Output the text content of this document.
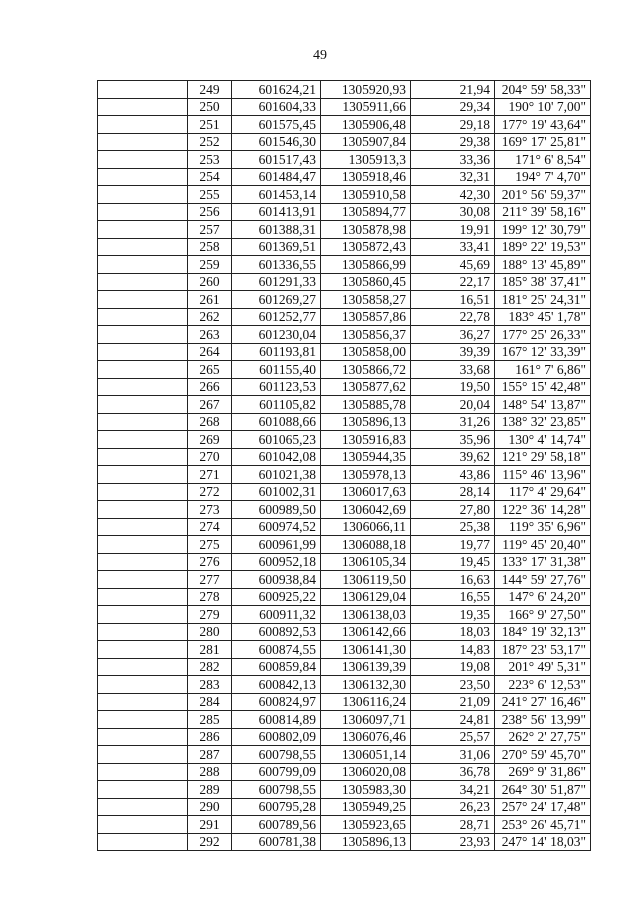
49
	249	601624,21	1305920,93	21,94	204° 59' 58,33"
	250	601604,33	1305911,66	29,34	190° 10' 7,00"
	251	601575,45	1305906,48	29,18	177° 19' 43,64"
	252	601546,30	1305907,84	29,38	169° 17' 25,81"
	253	601517,43	1305913,3	33,36	171° 6' 8,54"
	254	601484,47	1305918,46	32,31	194° 7' 4,70"
	255	601453,14	1305910,58	42,30	201° 56' 59,37"
	256	601413,91	1305894,77	30,08	211° 39' 58,16"
	257	601388,31	1305878,98	19,91	199° 12' 30,79"
	258	601369,51	1305872,43	33,41	189° 22' 19,53"
	259	601336,55	1305866,99	45,69	188° 13' 45,89"
	260	601291,33	1305860,45	22,17	185° 38' 37,41"
	261	601269,27	1305858,27	16,51	181° 25' 24,31"
	262	601252,77	1305857,86	22,78	183° 45' 1,78"
	263	601230,04	1305856,37	36,27	177° 25' 26,33"
	264	601193,81	1305858,00	39,39	167° 12' 33,39"
	265	601155,40	1305866,72	33,68	161° 7' 6,86"
	266	601123,53	1305877,62	19,50	155° 15' 42,48"
	267	601105,82	1305885,78	20,04	148° 54' 13,87"
	268	601088,66	1305896,13	31,26	138° 32' 23,85"
	269	601065,23	1305916,83	35,96	130° 4' 14,74"
	270	601042,08	1305944,35	39,62	121° 29' 58,18"
	271	601021,38	1305978,13	43,86	115° 46' 13,96"
	272	601002,31	1306017,63	28,14	117° 4' 29,64"
	273	600989,50	1306042,69	27,80	122° 36' 14,28"
	274	600974,52	1306066,11	25,38	119° 35' 6,96"
	275	600961,99	1306088,18	19,77	119° 45' 20,40"
	276	600952,18	1306105,34	19,45	133° 17' 31,38"
	277	600938,84	1306119,50	16,63	144° 59' 27,76"
	278	600925,22	1306129,04	16,55	147° 6' 24,20"
	279	600911,32	1306138,03	19,35	166° 9' 27,50"
	280	600892,53	1306142,66	18,03	184° 19' 32,13"
	281	600874,55	1306141,30	14,83	187° 23' 53,17"
	282	600859,84	1306139,39	19,08	201° 49' 5,31"
	283	600842,13	1306132,30	23,50	223° 6' 12,53"
	284	600824,97	1306116,24	21,09	241° 27' 16,46"
	285	600814,89	1306097,71	24,81	238° 56' 13,99"
	286	600802,09	1306076,46	25,57	262° 2' 27,75"
	287	600798,55	1306051,14	31,06	270° 59' 45,70"
	288	600799,09	1306020,08	36,78	269° 9' 31,86"
	289	600798,55	1305983,30	34,21	264° 30' 51,87"
	290	600795,28	1305949,25	26,23	257° 24' 17,48"
	291	600789,56	1305923,65	28,71	253° 26' 45,71"
	292	600781,38	1305896,13	23,93	247° 14' 18,03"
